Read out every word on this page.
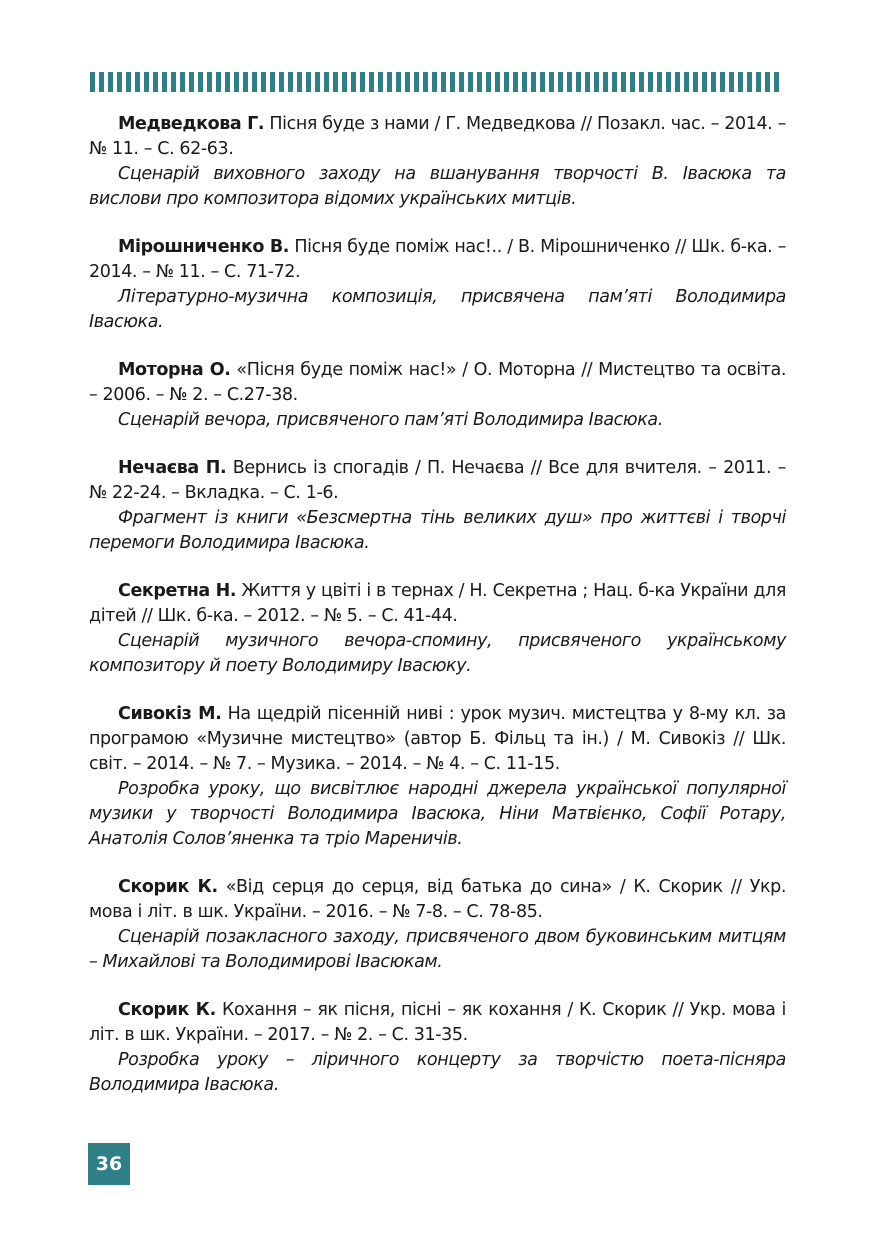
Медведкова Г. Пісня буде з нами / Г. Медведкова // Позакл. час. – 2014. – № 11. – С. 62-63.

Сценарій виховного заходу на вшанування творчості В. Івасюка та вислови про композитора відомих українських митців.

Мірошниченко В. Пісня буде поміж нас!.. / В. Мірошниченко // Шк. б-ка. – 2014. – № 11. – С. 71-72.

Літературно-музична композиція, присвячена пам’яті Володимира Івасюка.

Моторна О. «Пісня буде поміж нас!» / О. Моторна // Мистецтво та освіта. – 2006. – № 2. – С.27-38.

Сценарій вечора, присвяченого пам’яті Володимира Івасюка.

Нечаєва П. Вернись із спогадів / П. Нечаєва // Все для вчителя. – 2011. – № 22-24. – Вкладка. – С. 1-6.

Фрагмент із книги «Безсмертна тінь великих душ» про життєві і творчі перемоги Володимира Івасюка.

Секретна Н. Життя у цвіті і в тернах / Н. Секретна ; Нац. б-ка України для дітей // Шк. б-ка. – 2012. – № 5. – С. 41-44.

Сценарій музичного вечора-спомину, присвяченого українському композитору й поету Володимиру Івасюку.

Сивокіз М. На щедрій пісенній ниві : урок музич. мистецтва у 8-му кл. за програмою «Музичне мистецтво» (автор Б. Фільц та ін.) / М. Сивокіз // Шк. світ. – 2014. – № 7. – Музика. – 2014. – № 4. – С. 11-15.

Розробка уроку, що висвітлює народні джерела української популярної музики у творчості Володимира Івасюка, Ніни Матвієнко, Софії Ротару, Анатолія Солов’яненка та тріо Мареничів.

Скорик К. «Від серця до серця, від батька до сина» / К. Скорик // Укр. мова і літ. в шк. України. – 2016. – № 7-8. – С. 78-85.

Сценарій позакласного заходу, присвяченого двом буковинським митцям – Михайлові та Володимирові Івасюкам.

Скорик К. Кохання – як пісня, пісні – як кохання / К. Скорик // Укр. мова і літ. в шк. України. – 2017. – № 2. – С. 31-35.

Розробка уроку – ліричного концерту за творчістю поета-пісняра Володимира Івасюка.

36
